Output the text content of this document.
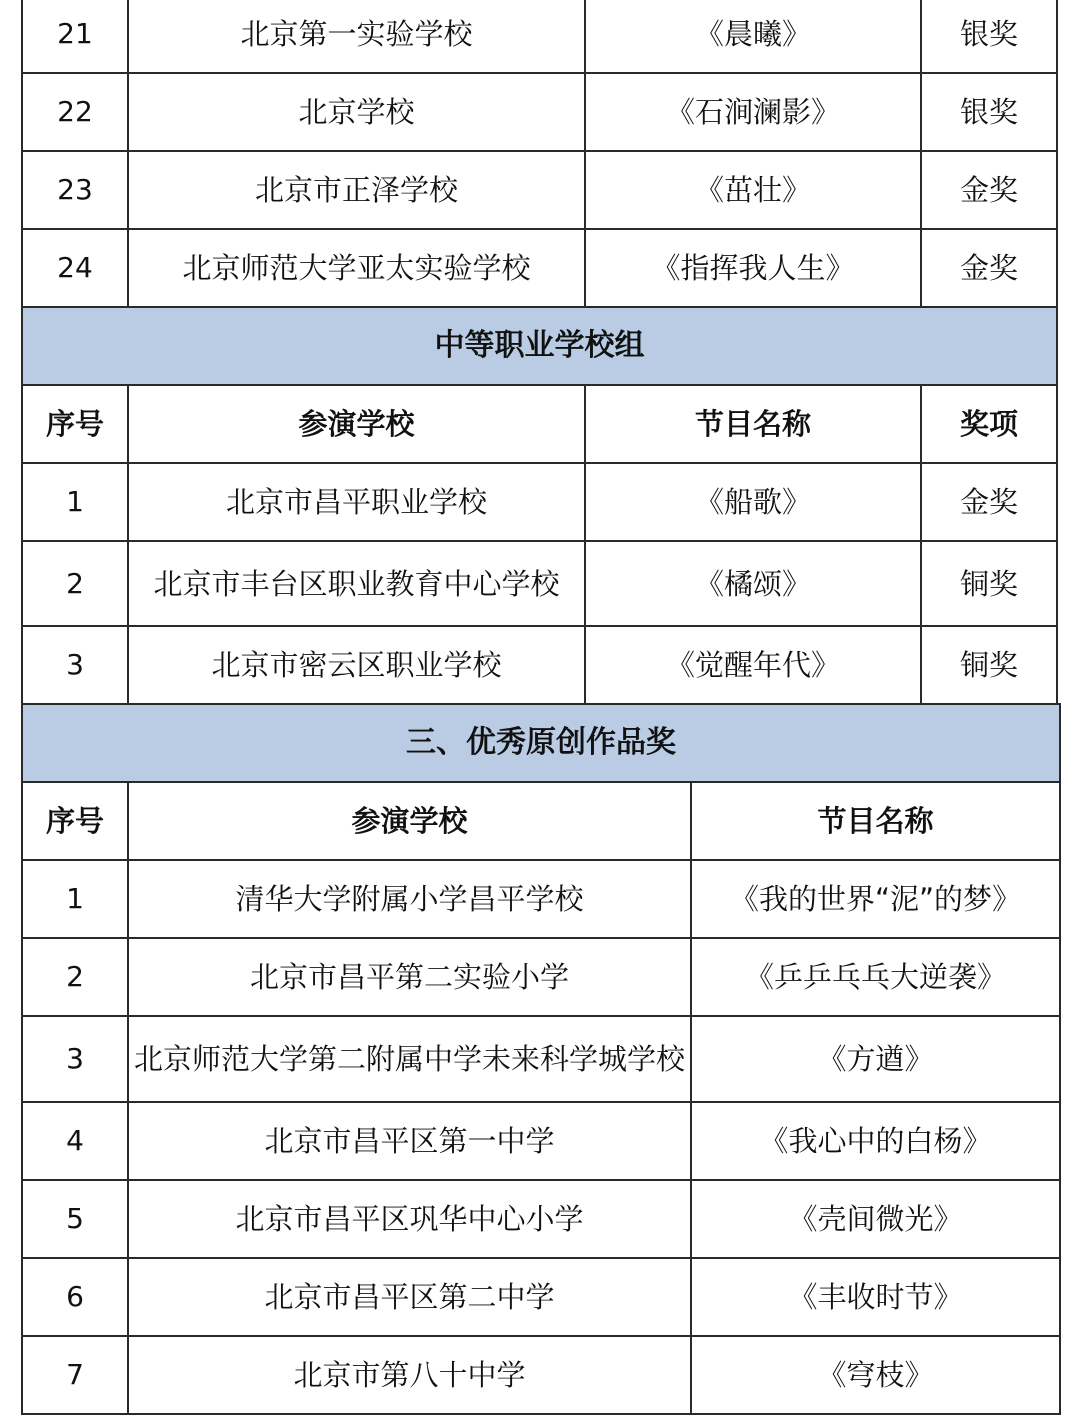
21	北京第一实验学校	《晨曦》	银奖
22	北京学校	《石涧澜影》	银奖
23	北京市正泽学校	《茁壮》	金奖
24	北京师范大学亚太实验学校	《指挥我人生》	金奖
中等职业学校组			
序号	参演学校	节目名称	奖项
1	北京市昌平职业学校	《船歌》	金奖
2	北京市丰台区职业教育中心学校	《橘颂》	铜奖
3	北京市密云区职业学校	《觉醒年代》	铜奖
三、优秀原创作品奖		
序号	参演学校	节目名称
1	清华大学附属小学昌平学校	《我的世界“泥”的梦》
2	北京市昌平第二实验小学	《乒乒乓乓大逆袭》
3	北京师范大学第二附属中学未来科学城学校	《方遒》
4	北京市昌平区第一中学	《我心中的白杨》
5	北京市昌平区巩华中心小学	《壳间微光》
6	北京市昌平区第二中学	《丰收时节》
7	北京市第八十中学	《穹枝》
